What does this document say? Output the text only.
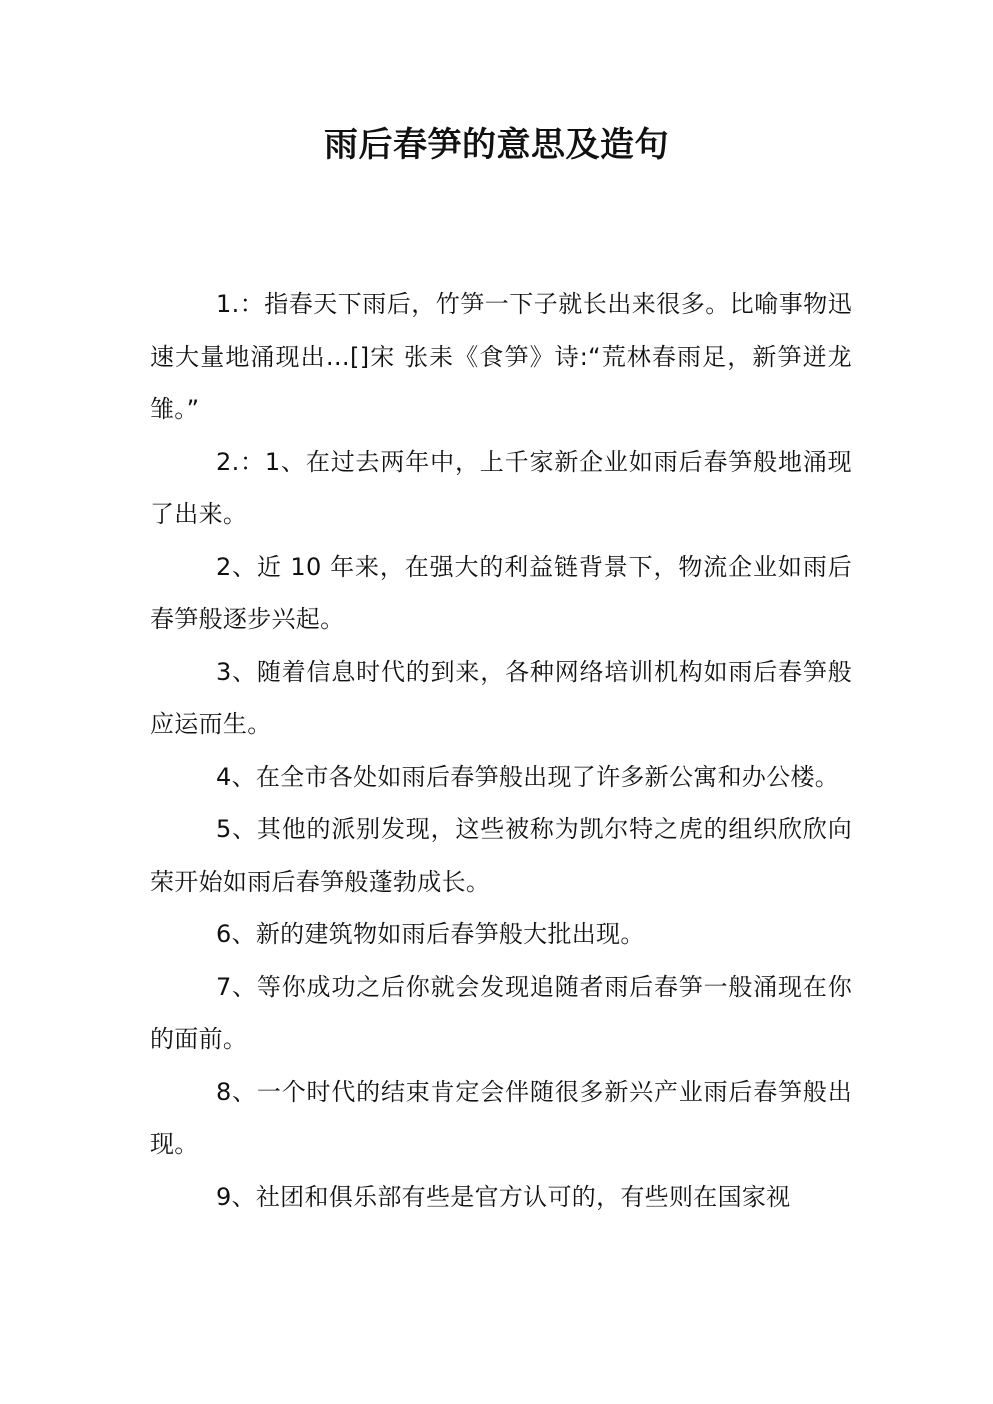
雨后春笋的意思及造句

1.：指春天下雨后，竹笋一下子就长出来很多。比喻事物迅速大量地涌现出…[]宋 张耒《食笋》诗:“荒林春雨足，新笋迸龙雏。”

2.：1、在过去两年中，上千家新企业如雨后春笋般地涌现了出来。

2、近 10 年来，在强大的利益链背景下，物流企业如雨后春笋般逐步兴起。

3、随着信息时代的到来，各种网络培训机构如雨后春笋般应运而生。

4、在全市各处如雨后春笋般出现了许多新公寓和办公楼。

5、其他的派别发现，这些被称为凯尔特之虎的组织欣欣向荣开始如雨后春笋般蓬勃成长。

6、新的建筑物如雨后春笋般大批出现。

7、等你成功之后你就会发现追随者雨后春笋一般涌现在你的面前。

8、一个时代的结束肯定会伴随很多新兴产业雨后春笋般出现。

9、社团和俱乐部有些是官方认可的，有些则在国家视
